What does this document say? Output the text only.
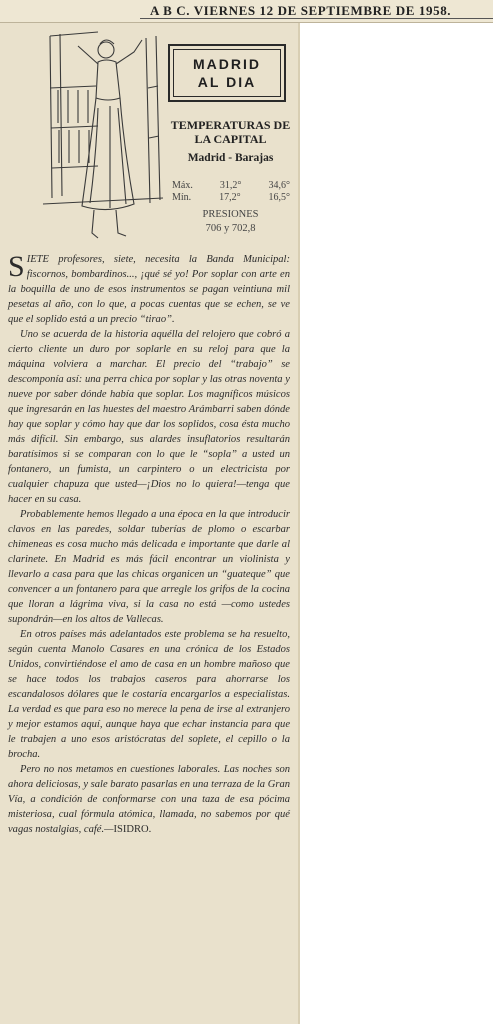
A B C. VIERNES 12 DE SEPTIEMBRE DE 1958.
MADRID
AL DIA
TEMPERATURAS DE LA CAPITAL
Madrid - Barajas
Máx.	31,2°	34,6°
Mín.	17,2°	16,5°
PRESIONES
706 y 702,8

SIETE profesores, siete, necesita la Banda Municipal: fiscornos, bombardinos..., ¡qué sé yo! Por soplar con arte en la boquilla de uno de esos instrumentos se pagan veintiuna mil pesetas al año, con lo que, a pocas cuentas que se echen, se ve que el soplido está a un precio “tirao”.

Uno se acuerda de la historia aquélla del relojero que cobró a cierto cliente un duro por soplarle en su reloj para que la máquina volviera a marchar. El precio del “trabajo” se descomponía así: una perra chica por soplar y las otras noventa y nueve por saber dónde había que soplar. Los magníficos músicos que ingresarán en las huestes del maestro Arámbarri saben dónde hay que soplar y cómo hay que dar los soplidos, cosa ésta mucho más difícil. Sin embargo, sus alardes insuflatorios resultarán baratísimos si se comparan con lo que le “sopla” a usted un fontanero, un fumista, un carpintero o un electricista por cualquier chapuza que usted—¡Dios no lo quiera!—tenga que hacer en su casa.

Probablemente hemos llegado a una época en la que introducir clavos en las paredes, soldar tuberías de plomo o escarbar chimeneas es cosa mucho más delicada e importante que darle al clarinete. En Madrid es más fácil encontrar un violinista y llevarlo a casa para que las chicas organicen un “guateque” que convencer a un fontanero para que arregle los grifos de la cocina que lloran a lágrima viva, si la casa no está —como ustedes supondrán—en los altos de Vallecas.

En otros países más adelantados este problema se ha resuelto, según cuenta Manolo Casares en una crónica de los Estados Unidos, convirtiéndose el amo de casa en un hombre mañoso que se hace todos los trabajos caseros para ahorrarse los escandalosos dólares que le costaría encargarlos a especialistas. La verdad es que para eso no merece la pena de irse al extranjero y mejor estamos aquí, aunque haya que echar instancia para que le trabajen a uno esos aristócratas del soplete, el cepillo o la brocha.

Pero no nos metamos en cuestiones laborales. Las noches son ahora deliciosas, y sale barato pasarlas en una terraza de la Gran Vía, a condición de conformarse con una taza de esa pócima misteriosa, cual fórmula atómica, llamada, no sabemos por qué vagas nostalgias, café.—ISIDRO.
